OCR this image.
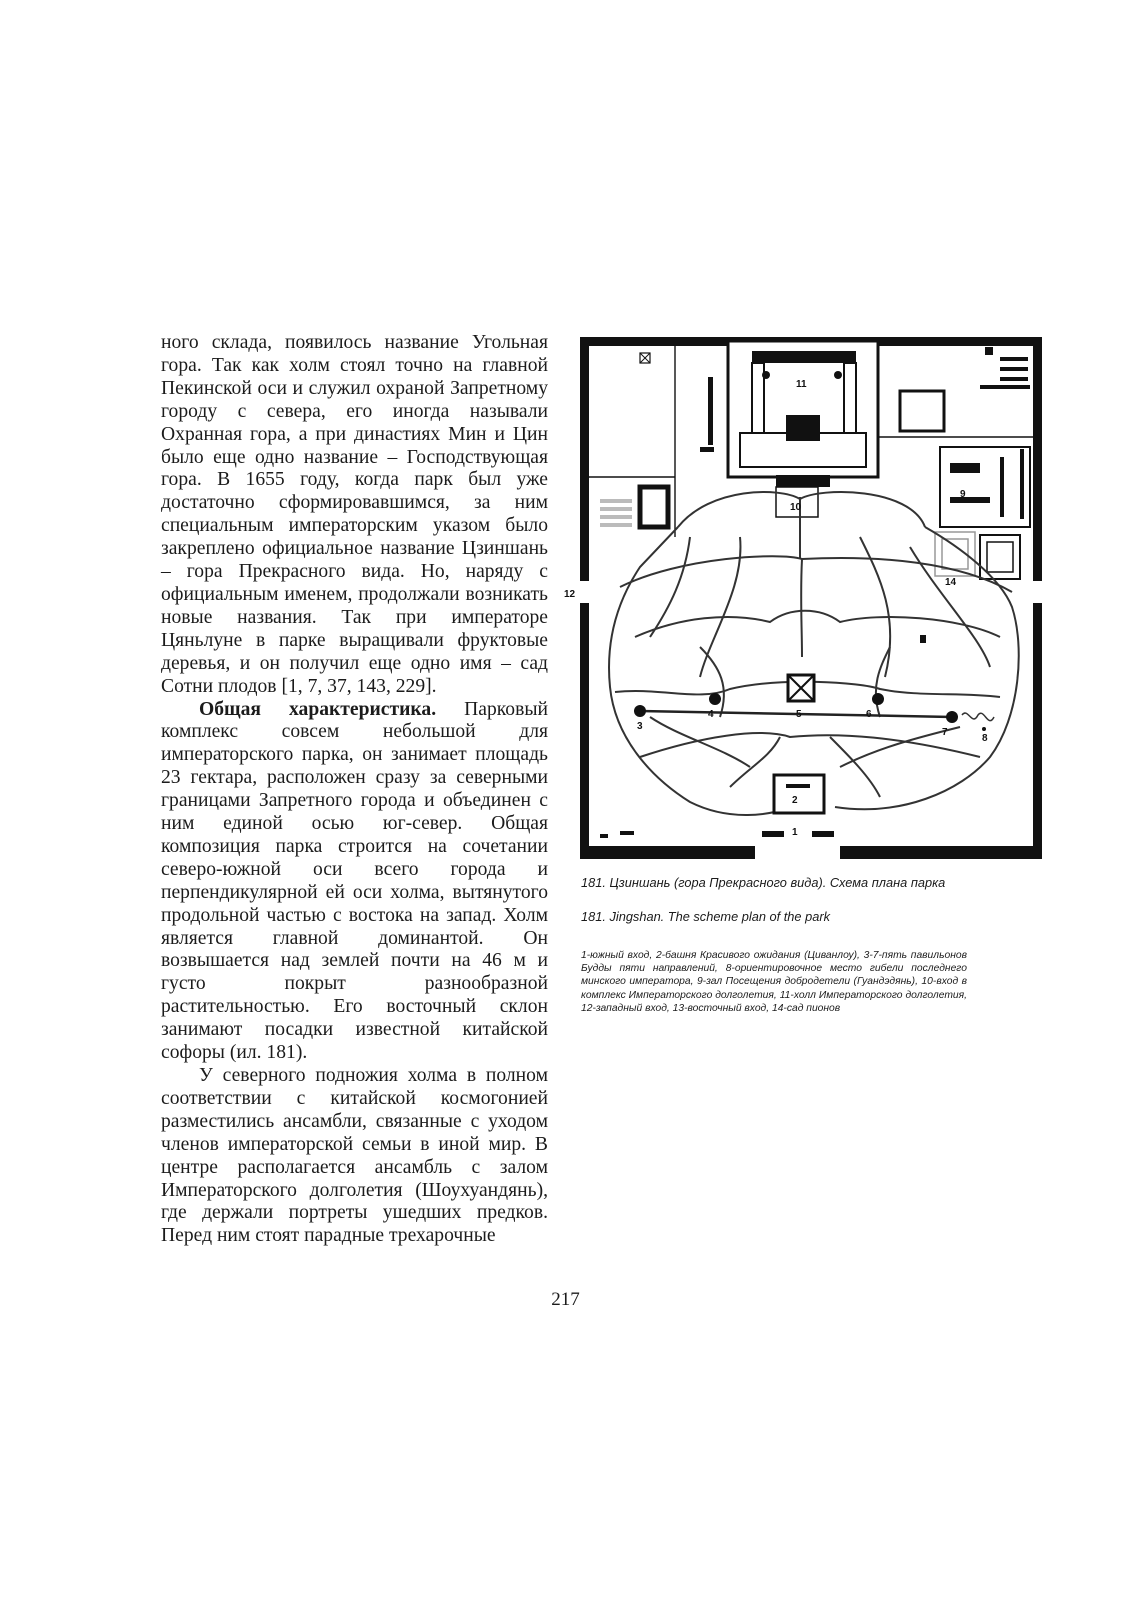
ного склада, появилось название Угольная гора. Так как холм стоял точно на главной Пекинской оси и служил охраной Запретному городу с севера, его иногда называли Охранная гора, а при династиях Мин и Цин было еще одно название – Господствующая гора. В 1655 году, когда парк был уже достаточно сформировавшимся, за ним специальным императорским указом было закреплено официальное название Цзиншань – гора Прекрасного вида. Но, наряду с официальным именем, продолжали возникать новые названия. Так при императоре Цяньлуне в парке выращивали фруктовые деревья, и он получил еще одно имя – сад Сотни плодов [1, 7, 37, 143, 229].

Общая характеристика. Парковый комплекс совсем небольшой для императорского парка, он занимает площадь 23 гектара, расположен сразу за северными границами Запретного города и объединен с ним единой осью юг-север. Общая композиция парка строится на сочетании северо-южной оси всего города и перпендикулярной ей оси холма, вытянутого продольной частью с востока на запад. Холм является главной доминантой. Он возвышается над землей почти на 46 м и густо покрыт разнообразной растительностью. Его восточный склон занимают посадки известной китайской софоры (ил. 181).

У северного подножия холма в полном соответствии с китайской космогонией разместились ансамбли, связанные с уходом членов императорской семьи в иной мир. В центре располагается ансамбль с залом Императорского долголетия (Шоухуандянь), где держали портреты ушедших предков. Перед ним стоят парадные трехарочные

11
10
9
14
12	13
3
4	5	6
7
8
2
1

181. Цзиншань (гора Прекрасного вида). Схема плана парка

181. Jingshan. The scheme plan of the park

1-южный вход, 2-башня Красивого ожидания (Циванлоу), 3-7-пять павильонов Будды пяти направлений, 8-ориентировочное место гибели последнего минского императора, 9-зал Посещения добродетели (Гуандэдянь), 10-вход в комплекс Императорского долголетия, 11-холл Императорского долголетия, 12-западный вход, 13-восточный вход, 14-сад пионов

217
